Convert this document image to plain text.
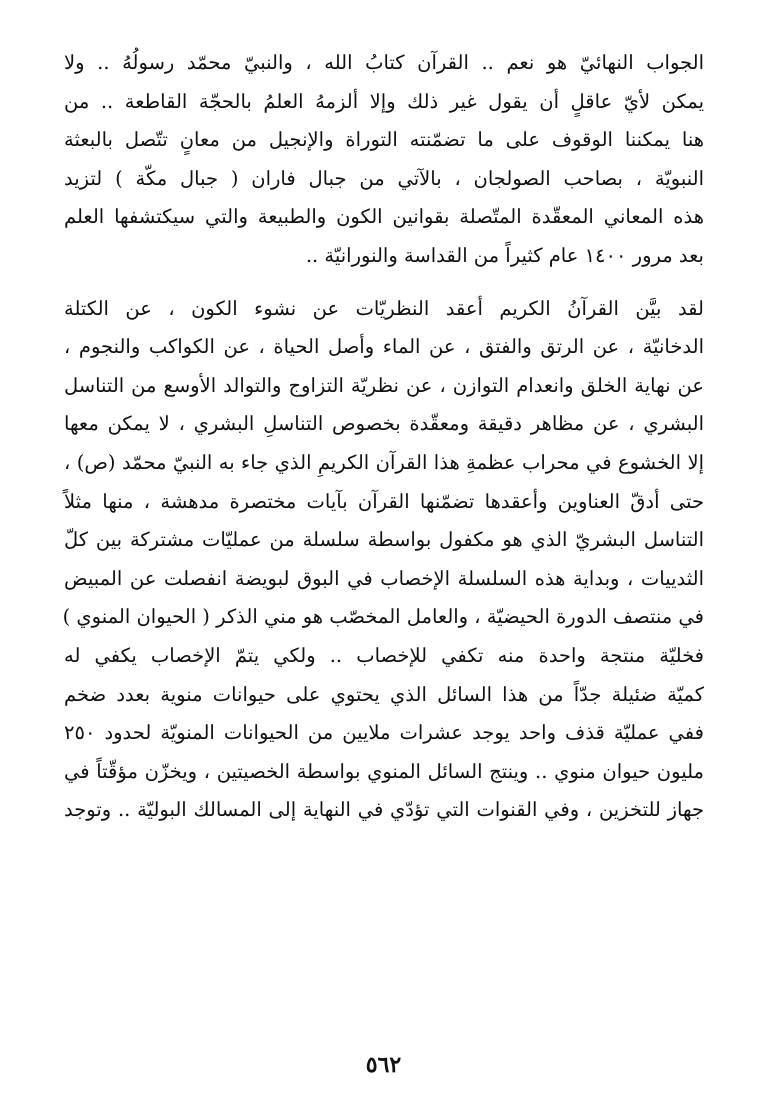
الجواب النهائيّ هو نعم .. القرآن كتابُ الله ، والنبيّ محمّد رسولُهُ .. ولا
يمكن لأيّ عاقلٍ أن يقول غير ذلك وإلا ألزمهُ العلمُ بالحجّة القاطعة .. من
هنا يمكننا الوقوف على ما تضمّنته التوراة والإنجيل من معانٍ تتّصل بالبعثة
النبويّة ، بصاحب الصولجان ، بالآتي من جبال فاران ( جبال مكّة ) لتزيد
هذه المعاني المعقّدة المتّصلة بقوانين الكون والطبيعة والتي سيكتشفها العلم
بعد مرور ١٤٠٠ عام كثيراً من القداسة والنورانيّة ..

لقد بيَّن القرآنُ الكريم أعقد النظريّات عن نشوء الكون ، عن الكتلة
الدخانيّة ، عن الرتق والفتق ، عن الماء وأصل الحياة ، عن الكواكب والنجوم ،
عن نهاية الخلق وانعدام التوازن ، عن نظريّة التزاوج والتوالد الأوسع من التناسل
البشري ، عن مظاهر دقيقة ومعقّدة بخصوص التناسلِ البشري ، لا يمكن معها
إلا الخشوع في محراب عظمةِ هذا القرآن الكريمِ الذي جاء به النبيّ محمّد (ص) ،
حتى أدقّ العناوين وأعقدها تضمّنها القرآن بآيات مختصرة مدهشة ، منها مثلاً
التناسل البشريّ الذي هو مكفول بواسطة سلسلة من عمليّات مشتركة بين كلّ
الثدييات ، وبداية هذه السلسلة الإخصاب في البوق لبويضة انفصلت عن المبيض
في منتصف الدورة الحيضيّة ، والعامل المخصّب هو مني الذكر ( الحيوان المنوي )
فخليّة منتجة واحدة منه تكفي للإخصاب .. ولكي يتمّ الإخصاب يكفي له
كميّة ضئيلة جدّاً من هذا السائل الذي يحتوي على حيوانات منوية بعدد ضخم
ففي عمليّة قذف واحد يوجد عشرات ملايين من الحيوانات المنويّة لحدود ٢٥٠
مليون حيوان منوي .. وينتج السائل المنوي بواسطة الخصيتين ، ويخزّن مؤقّتاً في
جهاز للتخزين ، وفي القنوات التي تؤدّي في النهاية إلى المسالك البوليّة .. وتوجد

٥٦٢
